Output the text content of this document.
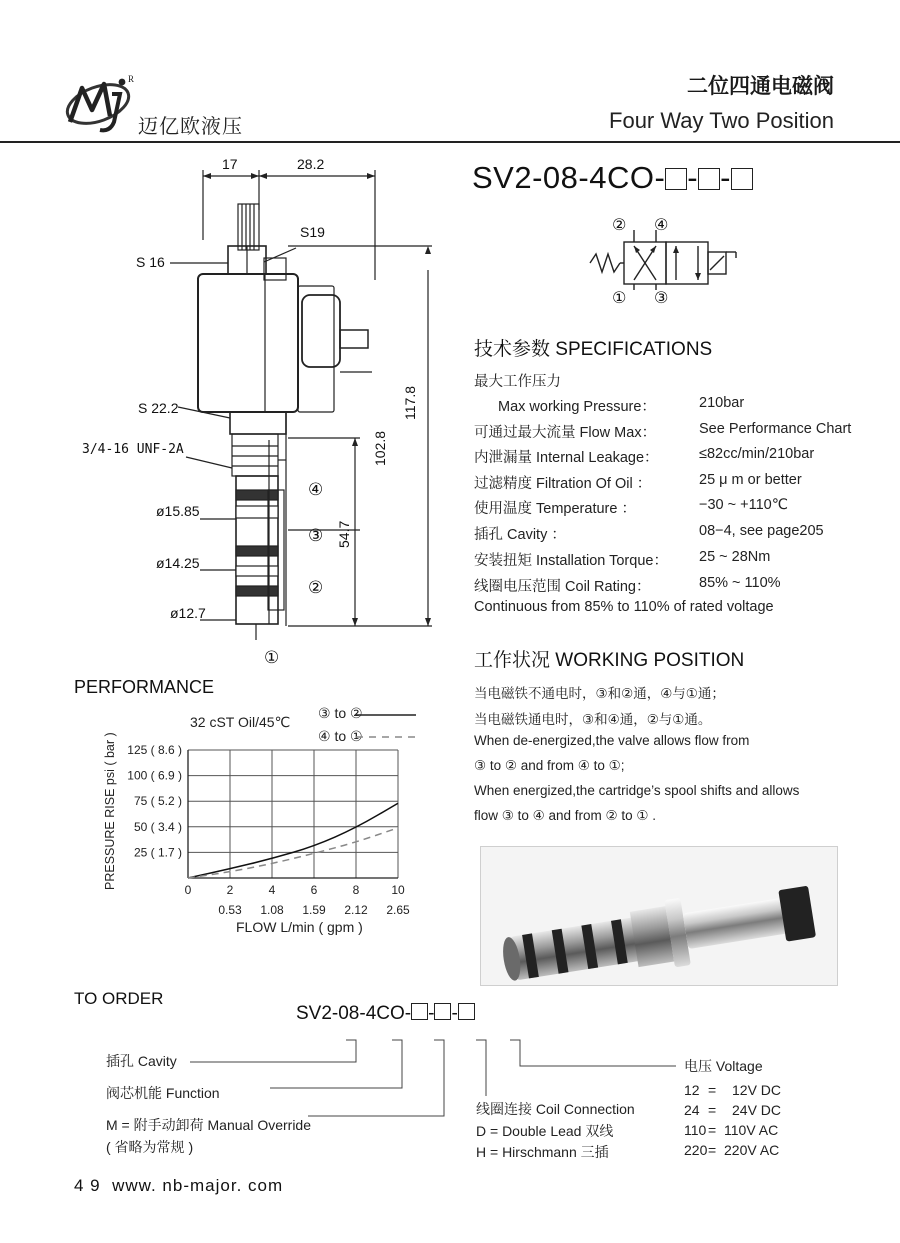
R
迈亿欧液压
二位四通电磁阀
Four Way Two Position
SV2-08-4CO- - -
17	28.2
S19
S 16
S 22.2
3/4-16 UNF-2A
ø15.85
ø14.25
ø12.7
117.8
102.8
54.7
④
③
②
①
② ④
① ③
技术参数 SPECIFICATIONS
最大工作压力
Max working Pressure：	210bar
可通过最大流量 Flow Max：	See Performance Chart
内泄漏量 Internal Leakage：	≤82cc/min/210bar
过滤精度 Filtration Of Oil ：	25 μ m or better
使用温度 Temperature ：	−30 ~ +110℃
插孔 Cavity ：	08−4, see page205
安装扭矩 Installation Torque： 25 ~ 28Nm
线圈电压范围 Coil Rating：	85% ~ 110%
Continuous from 85% to 110% of rated voltage
工作状况 WORKING POSITION
当电磁铁不通电时，③和②通，④与①通；
当电磁铁通电时，③和④通，②与①通。
When de-energized,the valve allows flow from
③ to ② and from ④ to ①;
When energized,the cartridge’s spool shifts and allows
flow ③ to ④ and from ② to ① .
PERFORMANCE
32 cST Oil/45℃
③ to ②
④ to ①
0	2	4	6	8	10
0.53 1.08 1.59 2.12 2.65
25 ( 1.7 )
50 ( 3.4 )
75 ( 5.2 )
100 ( 6.9 )
125 ( 8.6 )
PRESSURE RISE psi ( bar )
FLOW L/min ( gpm )
TO ORDER
SV2-08-4CO- - -
插孔 Cavity
阀芯机能 Function
M = 附手动卸荷 Manual Override
( 省略为常规 )
线圈连接 Coil Connection
D = Double Lead 双线
H = Hirschmann 三插
电压 Voltage
12 = 12V DC
24 = 24V DC
110 = 110V AC
220 = 220V AC
4 9 www. nb-major. com
